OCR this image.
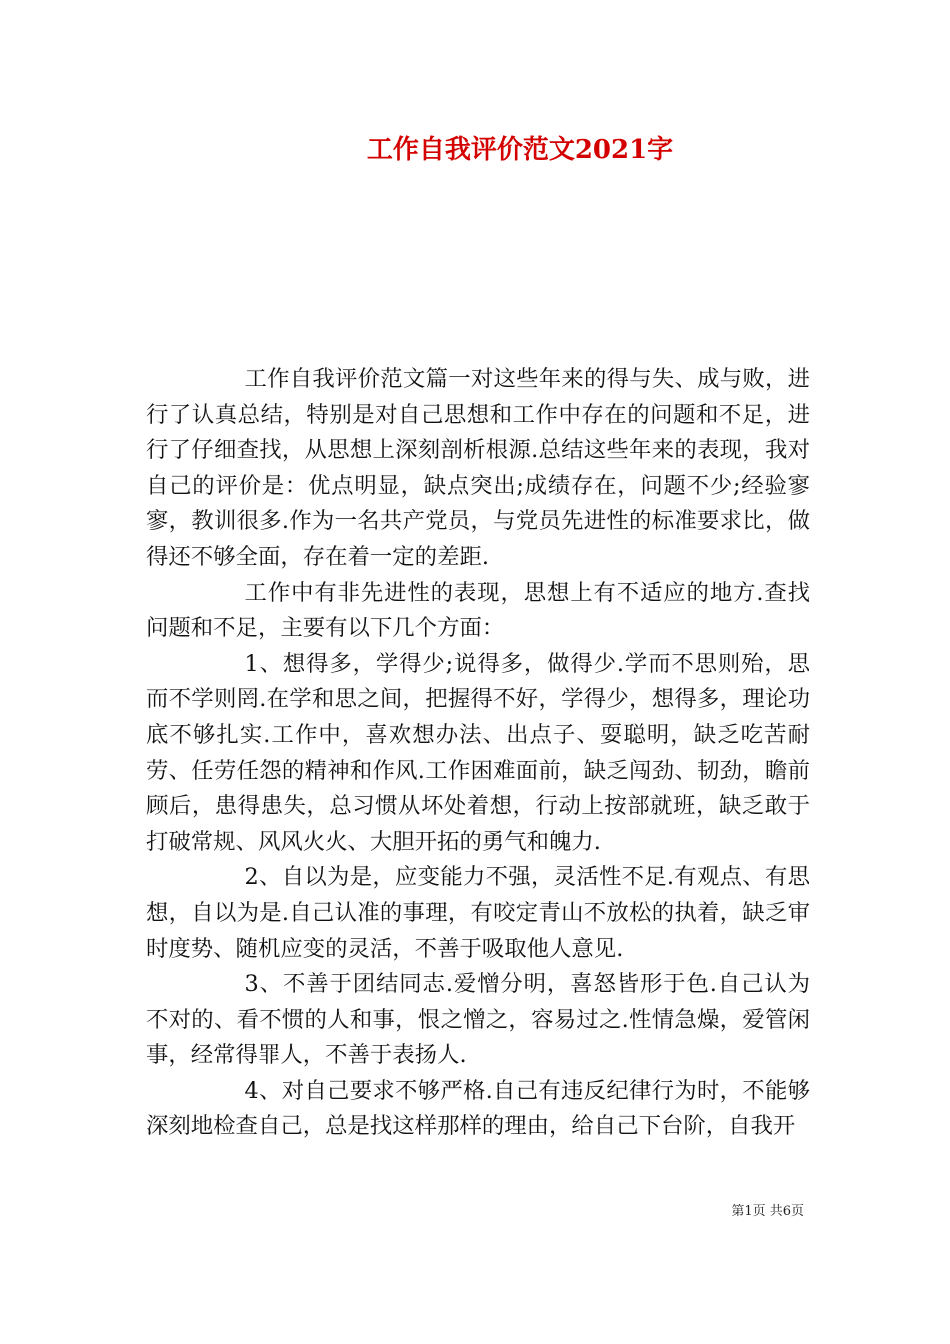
工作自我评价范文2021字

工作自我评价范文篇一对这些年来的得与失、成与败，进行了认真总结，特别是对自己思想和工作中存在的问题和不足，进行了仔细查找，从思想上深刻剖析根源.总结这些年来的表现，我对自己的评价是：优点明显，缺点突出;成绩存在，问题不少;经验寥寥，教训很多.作为一名共产党员，与党员先进性的标准要求比，做得还不够全面，存在着一定的差距.

工作中有非先进性的表现，思想上有不适应的地方.查找问题和不足，主要有以下几个方面：

1、想得多，学得少;说得多，做得少.学而不思则殆，思而不学则罔.在学和思之间，把握得不好，学得少，想得多，理论功底不够扎实.工作中，喜欢想办法、出点子、耍聪明，缺乏吃苦耐劳、任劳任怨的精神和作风.工作困难面前，缺乏闯劲、韧劲，瞻前顾后，患得患失，总习惯从坏处着想，行动上按部就班，缺乏敢于打破常规、风风火火、大胆开拓的勇气和魄力.

2、自以为是，应变能力不强，灵活性不足.有观点、有思想，自以为是.自己认准的事理，有咬定青山不放松的执着，缺乏审时度势、随机应变的灵活，不善于吸取他人意见.

3、不善于团结同志.爱憎分明，喜怒皆形于色.自己认为不对的、看不惯的人和事，恨之憎之，容易过之.性情急燥，爱管闲事，经常得罪人，不善于表扬人.

4、对自己要求不够严格.自己有违反纪律行为时，不能够深刻地检查自己，总是找这样那样的理由，给自己下台阶，自我开

第1页 共6页
